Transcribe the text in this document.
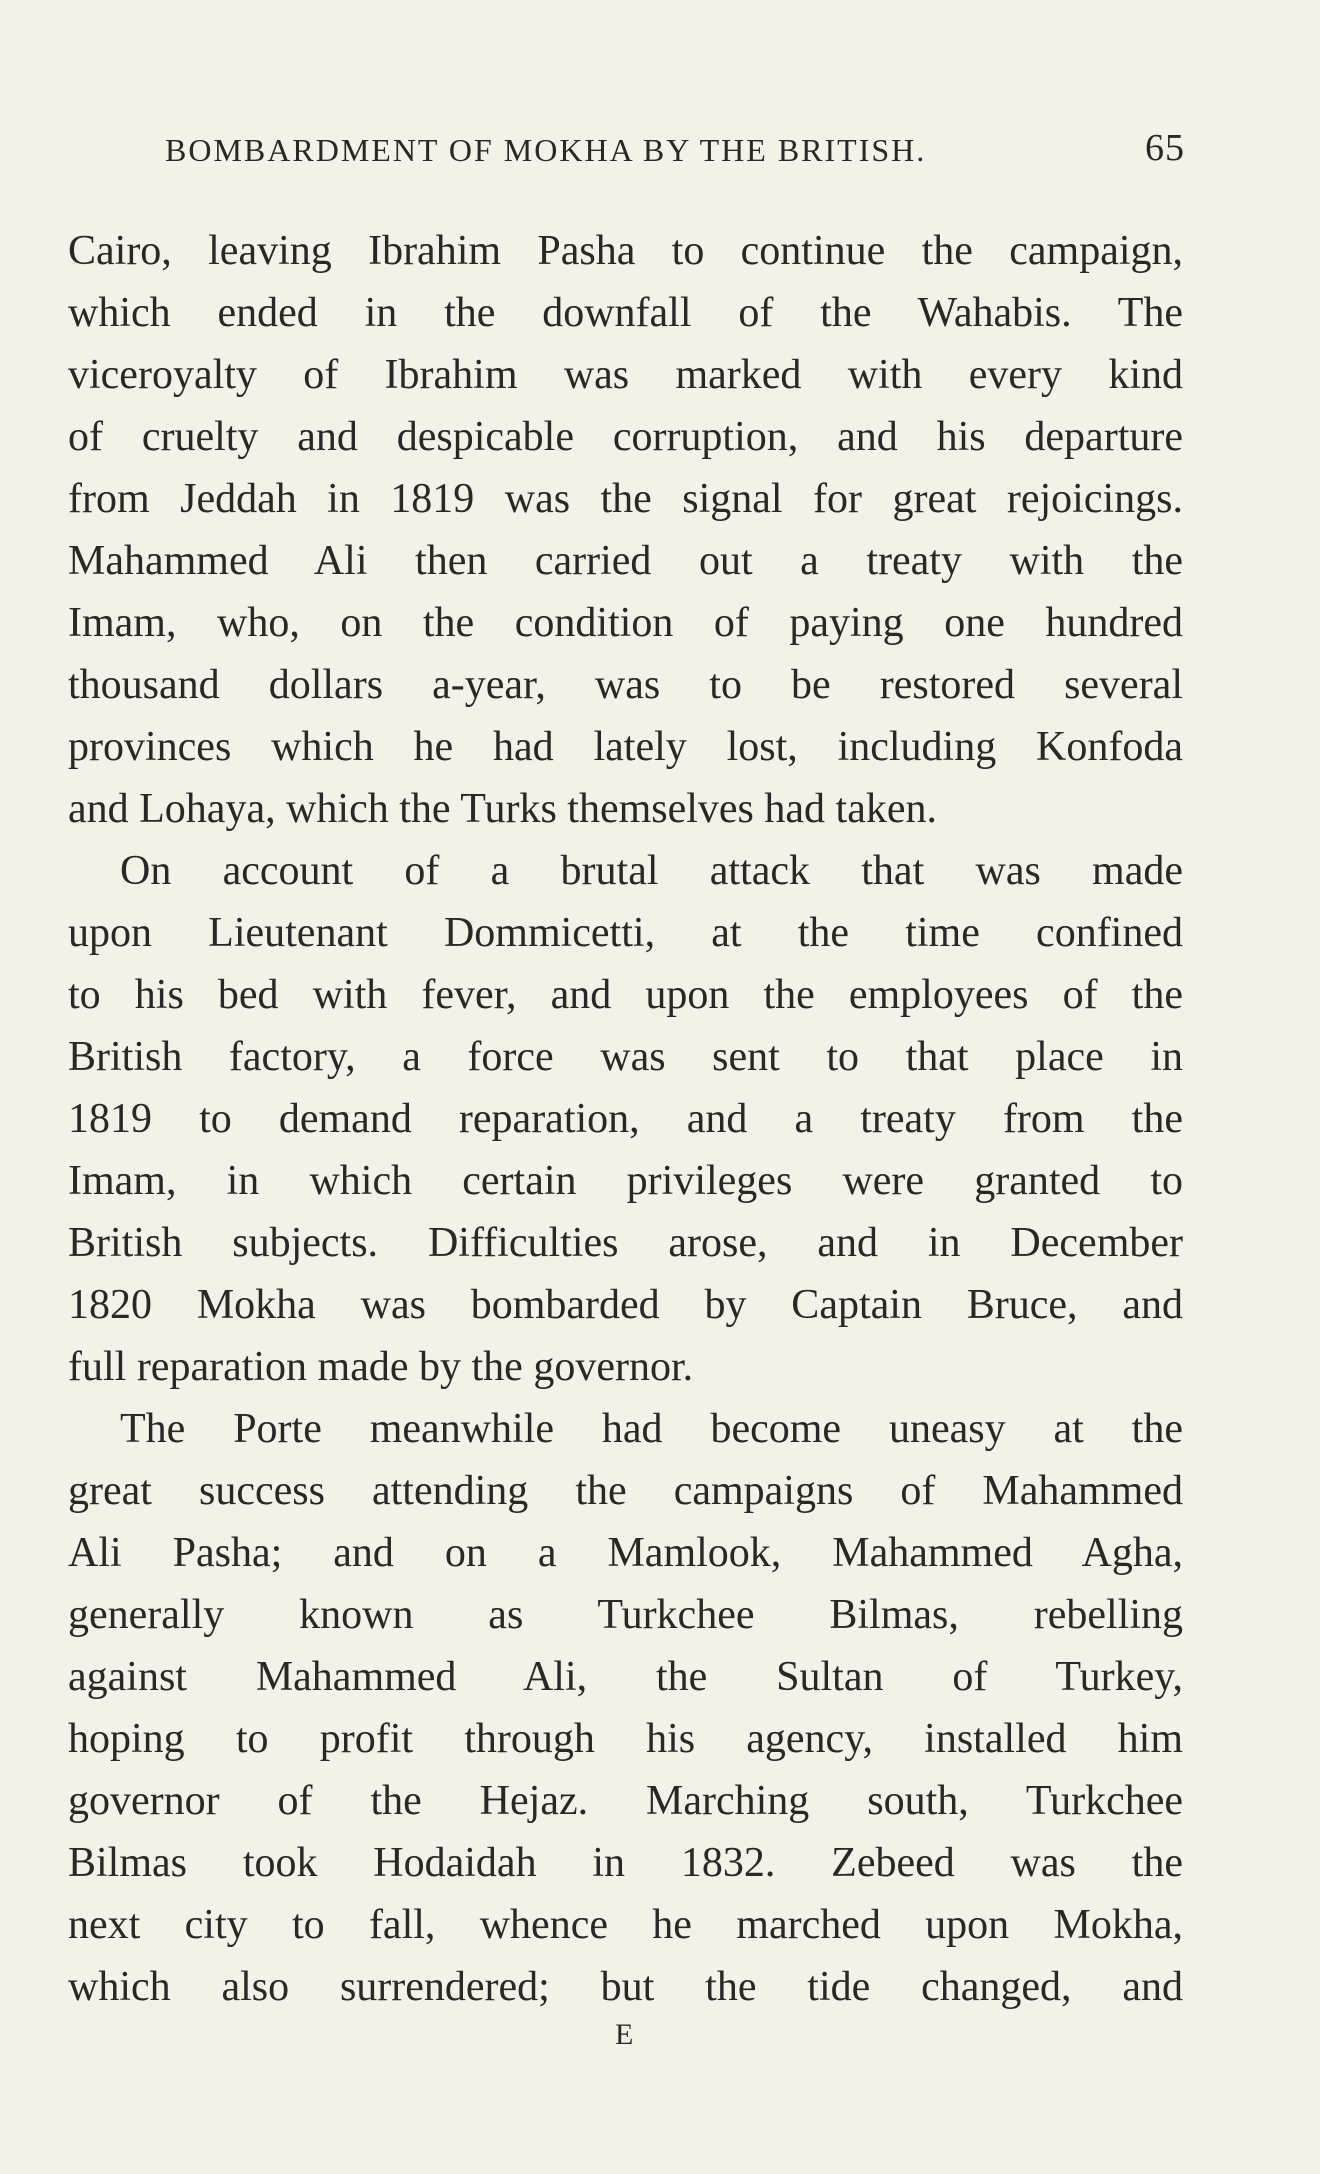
BOMBARDMENT OF MOKHA BY THE BRITISH.	65
Cairo, leaving Ibrahim Pasha to continue the campaign,
which ended in the downfall of the Wahabis. The
viceroyalty of Ibrahim was marked with every kind
of cruelty and despicable corruption, and his departure
from Jeddah in 1819 was the signal for great rejoicings.
Mahammed Ali then carried out a treaty with the
Imam, who, on the condition of paying one hundred
thousand dollars a-year, was to be restored several
provinces which he had lately lost, including Konfoda
and Lohaya, which the Turks themselves had taken.
On account of a brutal attack that was made
upon Lieutenant Dommicetti, at the time confined
to his bed with fever, and upon the employees of the
British factory, a force was sent to that place in
1819 to demand reparation, and a treaty from the
Imam, in which certain privileges were granted to
British subjects. Difficulties arose, and in December
1820 Mokha was bombarded by Captain Bruce, and
full reparation made by the governor.
The Porte meanwhile had become uneasy at the
great success attending the campaigns of Mahammed
Ali Pasha; and on a Mamlook, Mahammed Agha,
generally known as Turkchee Bilmas, rebelling
against Mahammed Ali, the Sultan of Turkey,
hoping to profit through his agency, installed him
governor of the Hejaz. Marching south, Turkchee
Bilmas took Hodaidah in 1832. Zebeed was the
next city to fall, whence he marched upon Mokha,
which also surrendered; but the tide changed, and
E
